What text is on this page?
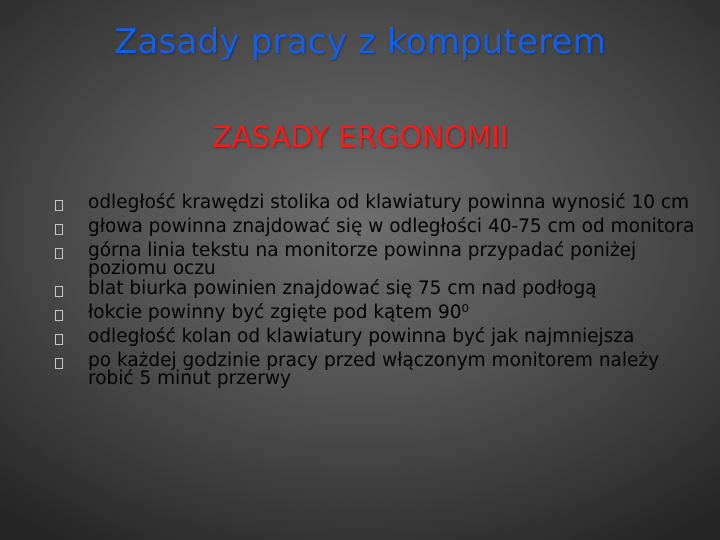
Zasady pracy z komputerem
ZASADY ERGONOMII
odległość krawędzi stolika od klawiatury powinna wynosić 10 cm
głowa powinna znajdować się w odległości 40-75 cm od monitora
górna linia tekstu na monitorze powinna przypadać poniżej poziomu oczu
blat biurka powinien znajdować się 75 cm nad podłogą
łokcie powinny być zgięte pod kątem 90⁰
odległość kolan od klawiatury powinna być jak najmniejsza
po każdej godzinie pracy przed włączonym monitorem należy robić 5 minut przerwy
